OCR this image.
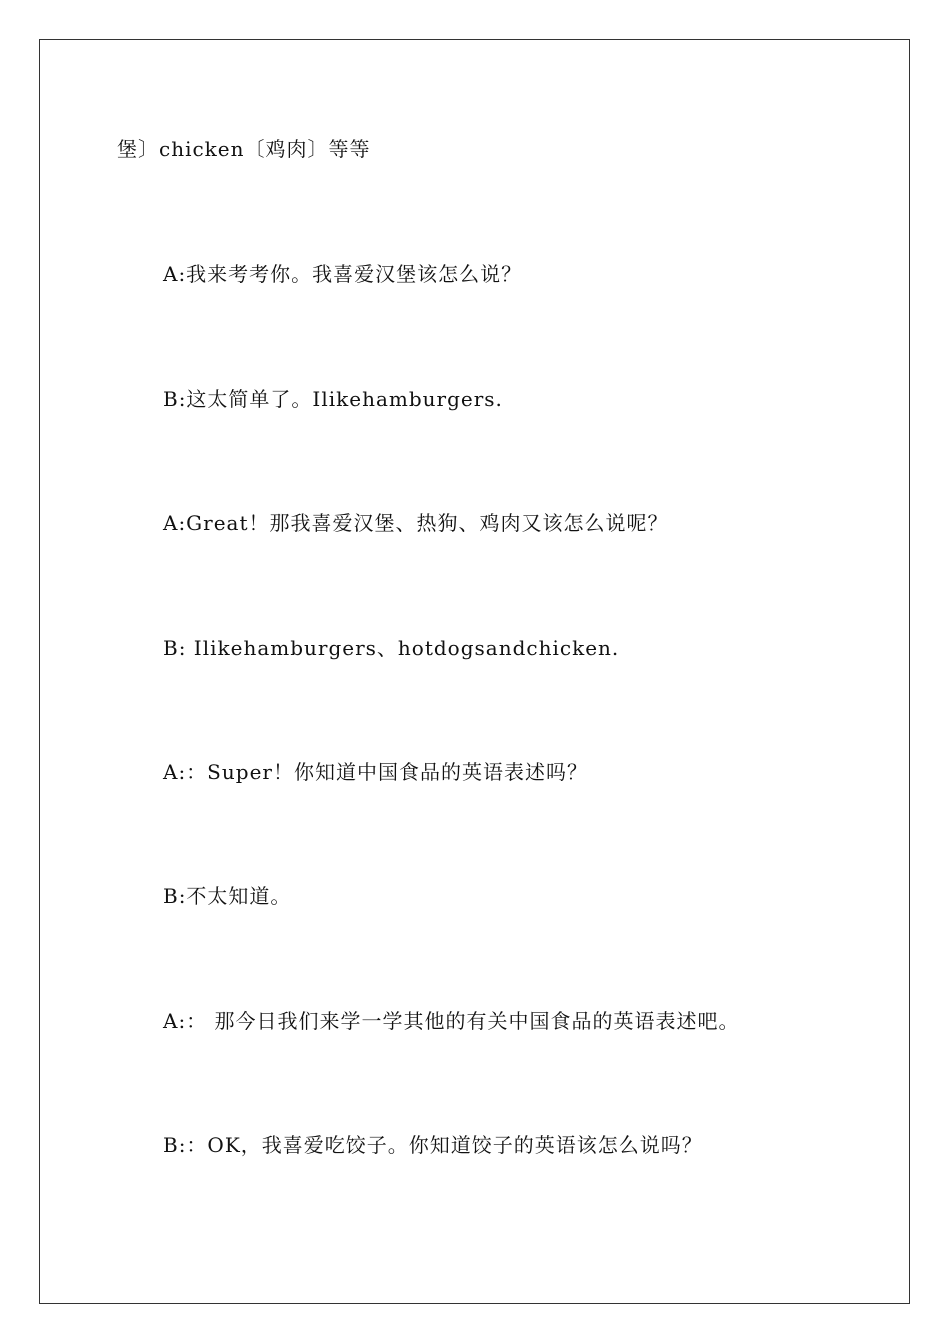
堡〕chicken〔鸡肉〕等等
A:我来考考你。我喜爱汉堡该怎么说？
B:这太简单了。Ilikehamburgers.
A:Great！那我喜爱汉堡、热狗、鸡肉又该怎么说呢？
B: Ilikehamburgers、hotdogsandchicken.
A:：Super！你知道中国食品的英语表述吗？
B:不太知道。
A:： 那今日我们来学一学其他的有关中国食品的英语表述吧。
B:：OK，我喜爱吃饺子。你知道饺子的英语该怎么说吗？
